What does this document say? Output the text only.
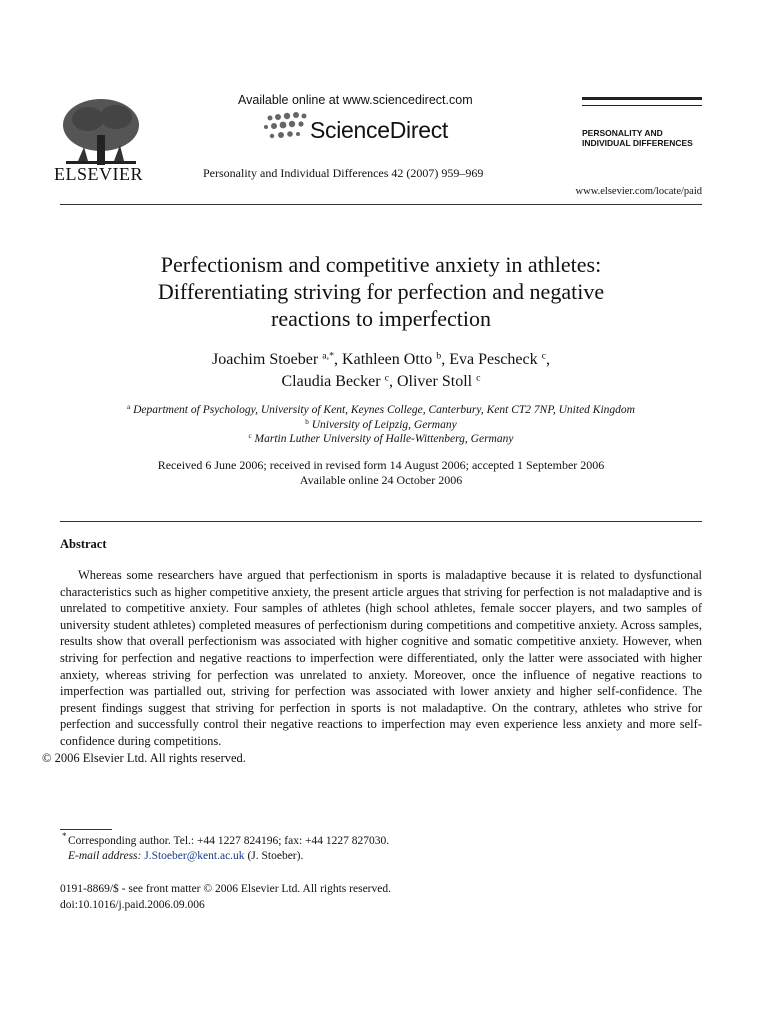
ELSEVIER
Available online at www.sciencedirect.com
ScienceDirect
Personality and Individual Differences 42 (2007) 959–969
PERSONALITY AND
INDIVIDUAL DIFFERENCES
www.elsevier.com/locate/paid
Perfectionism and competitive anxiety in athletes:
Differentiating striving for perfection and negative
reactions to imperfection
Joachim Stoeber $^{a,*}$, Kathleen Otto $^b$, Eva Pescheck $^c$,
Claudia Becker $^c$, Oliver Stoll $^c$
$^a$ Department of Psychology, University of Kent, Keynes College, Canterbury, Kent CT2 7NP, United Kingdom
$^b$ University of Leipzig, Germany
$^c$ Martin Luther University of Halle-Wittenberg, Germany
Received 6 June 2006; received in revised form 14 August 2006; accepted 1 September 2006
Available online 24 October 2006
Abstract
Whereas some researchers have argued that perfectionism in sports is maladaptive because it is related to dysfunctional characteristics such as higher competitive anxiety, the present article argues that striving for perfection is not maladaptive and is unrelated to competitive anxiety. Four samples of athletes (high school athletes, female soccer players, and two samples of university student athletes) completed measures of perfectionism during competitions and competitive anxiety. Across samples, results show that overall perfectionism was associated with higher cognitive and somatic competitive anxiety. However, when striving for perfection and negative reactions to imperfection were differentiated, only the latter were associated with higher anxiety, whereas striving for perfection was unrelated to anxiety. Moreover, once the influence of negative reactions to imperfection was partialled out, striving for perfection was associated with lower anxiety and higher self-confidence. The present findings suggest that striving for perfection in sports is not maladaptive. On the contrary, athletes who strive for perfection and successfully control their negative reactions to imperfection may even experience less anxiety and more self-confidence during competitions.
© 2006 Elsevier Ltd. All rights reserved.
* Corresponding author. Tel.: +44 1227 824196; fax: +44 1227 827030.
E-mail address: J.Stoeber@kent.ac.uk (J. Stoeber).
0191-8869/$ - see front matter © 2006 Elsevier Ltd. All rights reserved.
doi:10.1016/j.paid.2006.09.006
